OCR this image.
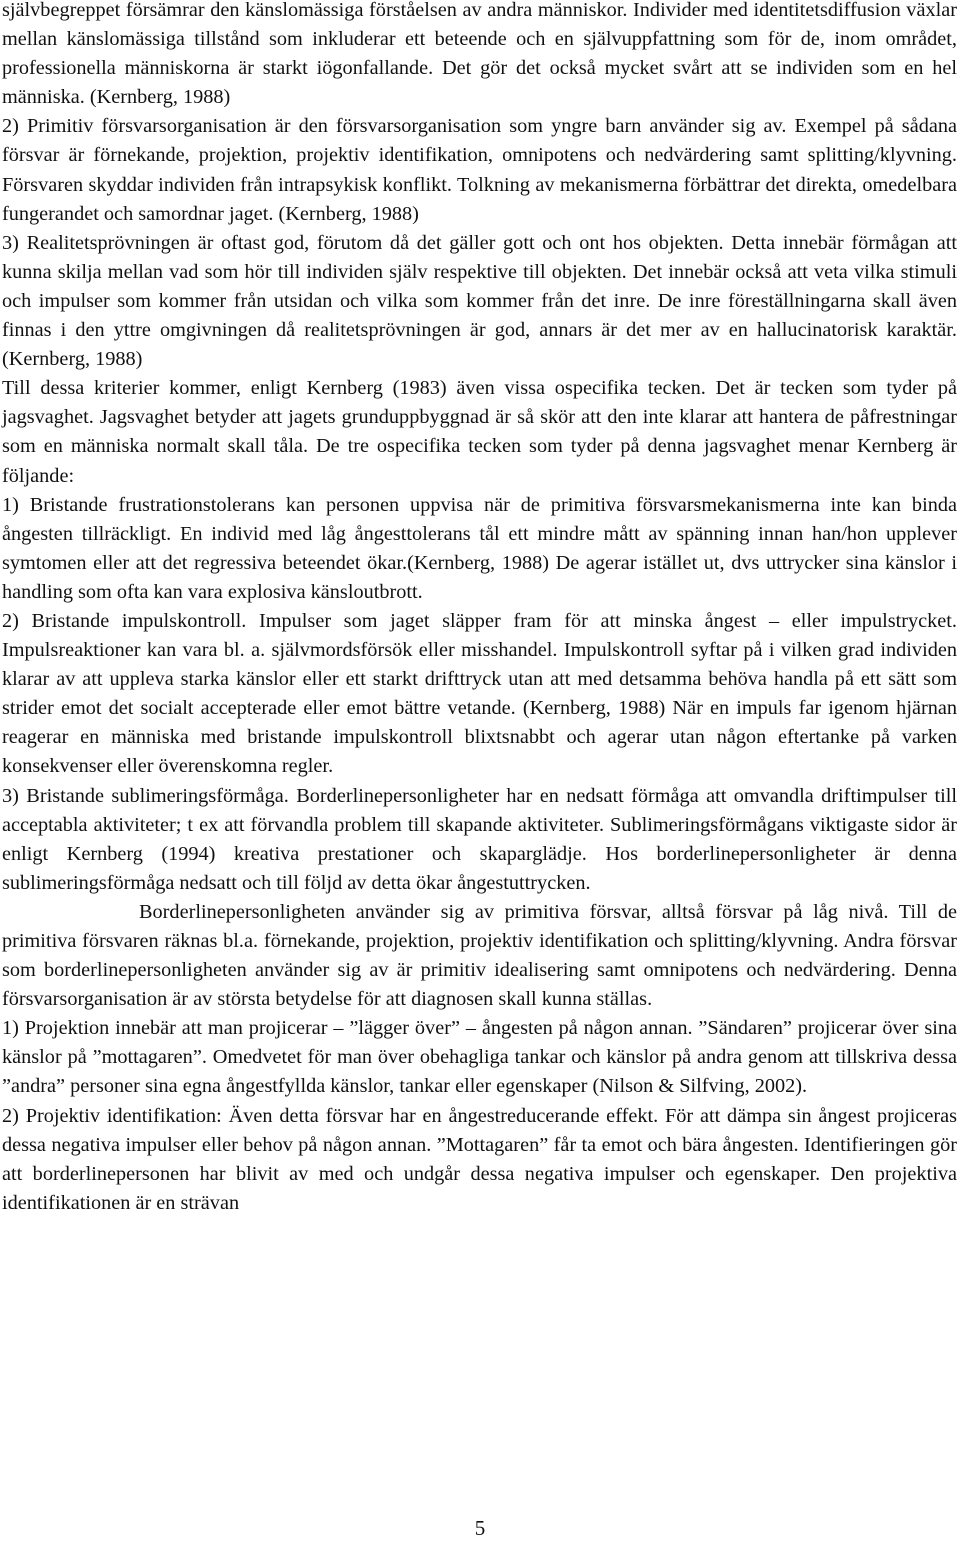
självbegreppet försämrar den känslomässiga förståelsen av andra människor. Individer med identitetsdiffusion växlar mellan känslomässiga tillstånd som inkluderar ett beteende och en självuppfattning som för de, inom området, professionella människorna är starkt iögonfallande. Det gör det också mycket svårt att se individen som en hel människa. (Kernberg, 1988)

2) Primitiv försvarsorganisation är den försvarsorganisation som yngre barn använder sig av. Exempel på sådana försvar är förnekande, projektion, projektiv identifikation, omnipotens och nedvärdering samt splitting/klyvning. Försvaren skyddar individen från intrapsykisk konflikt. Tolkning av mekanismerna förbättrar det direkta, omedelbara fungerandet och samordnar jaget. (Kernberg, 1988)

3) Realitetsprövningen är oftast god, förutom då det gäller gott och ont hos objekten. Detta innebär förmågan att kunna skilja mellan vad som hör till individen själv respektive till objekten. Det innebär också att veta vilka stimuli och impulser som kommer från utsidan och vilka som kommer från det inre. De inre föreställningarna skall även finnas i den yttre omgivningen då realitetsprövningen är god, annars är det mer av en hallucinatorisk karaktär. (Kernberg, 1988)

Till dessa kriterier kommer, enligt Kernberg (1983) även vissa ospecifika tecken. Det är tecken som tyder på jagsvaghet. Jagsvaghet betyder att jagets grunduppbyggnad är så skör att den inte klarar att hantera de påfrestningar som en människa normalt skall tåla. De tre ospecifika tecken som tyder på denna jagsvaghet menar Kernberg är följande:

1) Bristande frustrationstolerans kan personen uppvisa när de primitiva försvarsmekanismerna inte kan binda ångesten tillräckligt. En individ med låg ångesttolerans tål ett mindre mått av spänning innan han/hon upplever symtomen eller att det regressiva beteendet ökar.(Kernberg, 1988) De agerar istället ut, dvs uttrycker sina känslor i handling som ofta kan vara explosiva känsloutbrott.

2) Bristande impulskontroll. Impulser som jaget släpper fram för att minska ångest – eller impulstrycket. Impulsreaktioner kan vara bl. a. självmordsförsök eller misshandel. Impulskontroll syftar på i vilken grad individen klarar av att uppleva starka känslor eller ett starkt drifttryck utan att med detsamma behöva handla på ett sätt som strider emot det socialt accepterade eller emot bättre vetande. (Kernberg, 1988) När en impuls far igenom hjärnan reagerar en människa med bristande impulskontroll blixtsnabbt och agerar utan någon eftertanke på varken konsekvenser eller överenskomna regler.

3) Bristande sublimeringsförmåga. Borderlinepersonligheter har en nedsatt förmåga att omvandla driftimpulser till acceptabla aktiviteter; t ex att förvandla problem till skapande aktiviteter. Sublimeringsförmågans viktigaste sidor är enligt Kernberg (1994) kreativa prestationer och skaparglädje. Hos borderlinepersonligheter är denna sublimeringsförmåga nedsatt och till följd av detta ökar ångestuttrycken.

Borderlinepersonligheten använder sig av primitiva försvar, alltså försvar på låg nivå. Till de primitiva försvaren räknas bl.a. förnekande, projektion, projektiv identifikation och splitting/klyvning. Andra försvar som borderlinepersonligheten använder sig av är primitiv idealisering samt omnipotens och nedvärdering. Denna försvarsorganisation är av största betydelse för att diagnosen skall kunna ställas.

1) Projektion innebär att man projicerar – ”lägger över” – ångesten på någon annan. ”Sändaren” projicerar över sina känslor på ”mottagaren”. Omedvetet för man över obehagliga tankar och känslor på andra genom att tillskriva dessa ”andra” personer sina egna ångestfyllda känslor, tankar eller egenskaper (Nilson & Silfving, 2002).

2) Projektiv identifikation: Även detta försvar har en ångestreducerande effekt. För att dämpa sin ångest projiceras dessa negativa impulser eller behov på någon annan. ”Mottagaren” får ta emot och bära ångesten. Identifieringen gör att borderlinepersonen har blivit av med och undgår dessa negativa impulser och egenskaper. Den projektiva identifikationen är en strävan

5
